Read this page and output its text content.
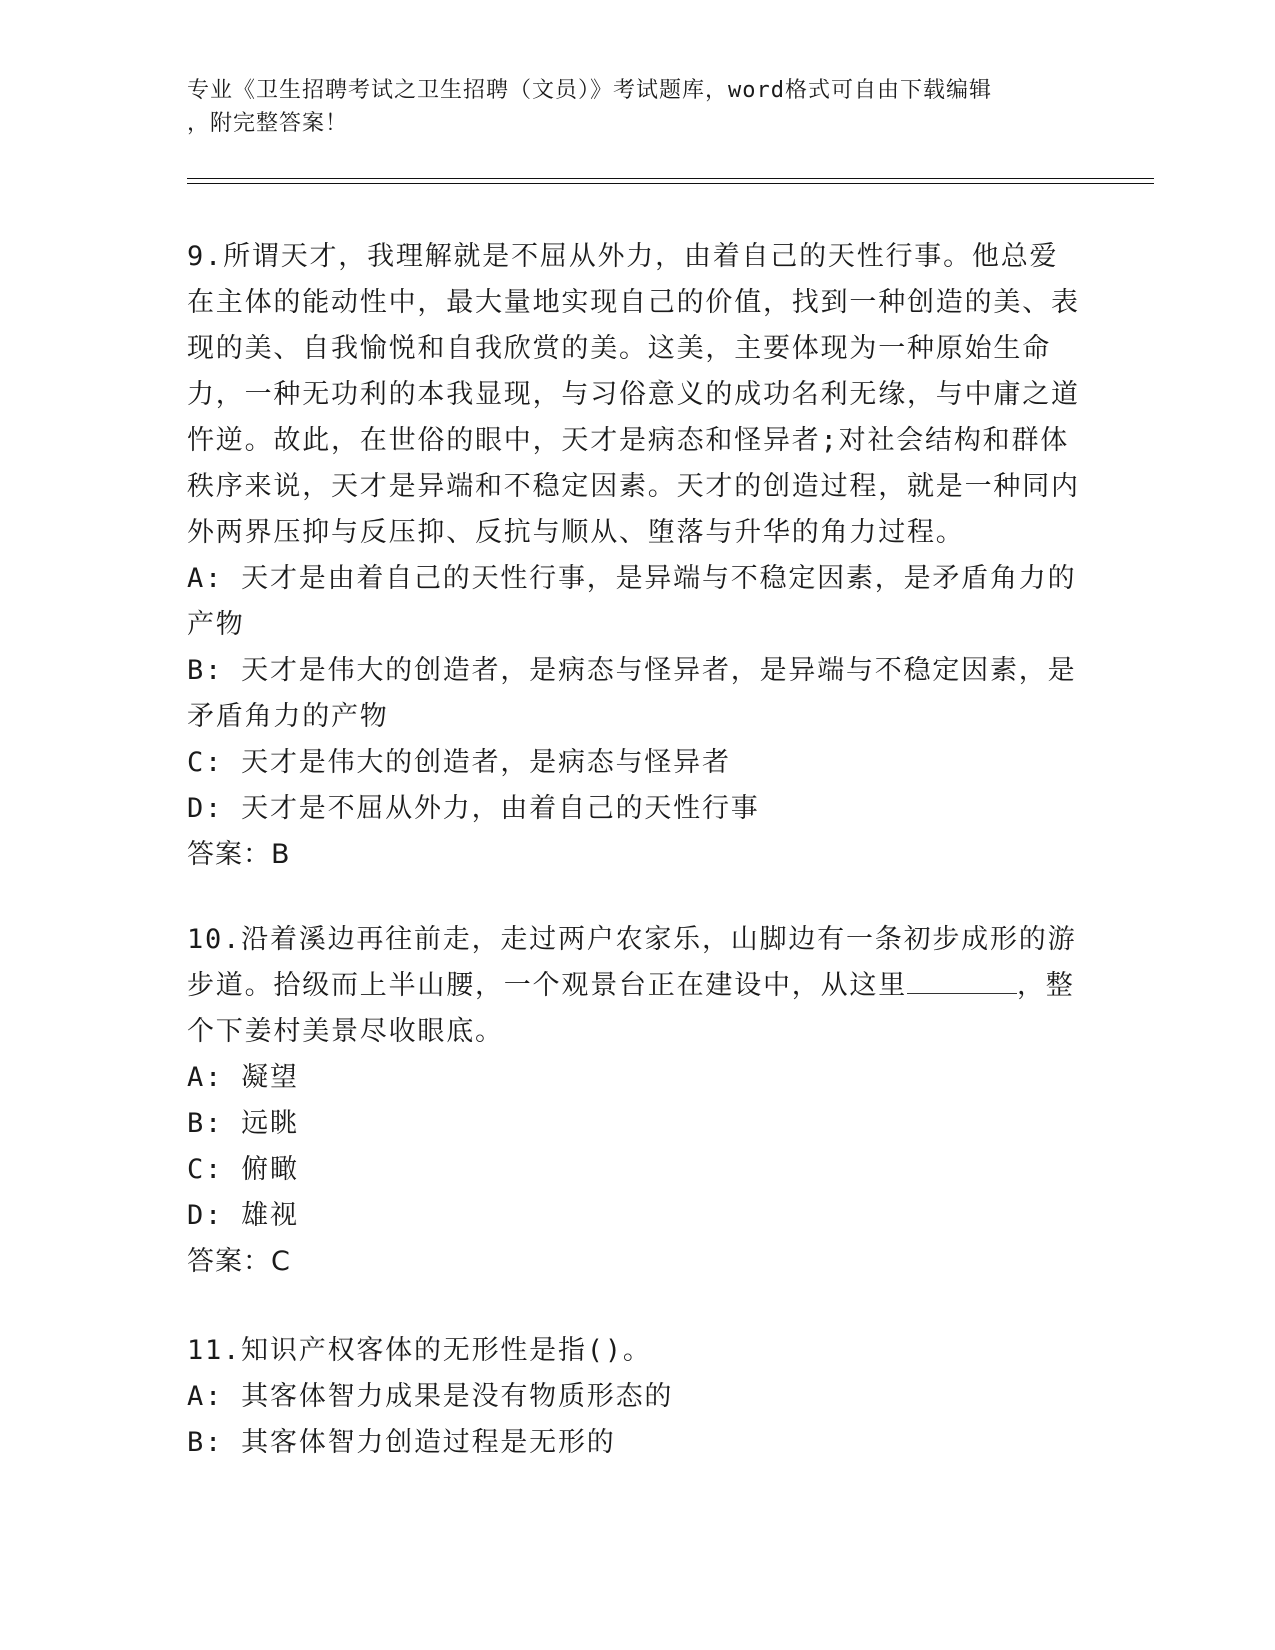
专业《卫生招聘考试之卫生招聘（文员）》考试题库，word格式可自由下载编辑
，附完整答案！
9.所谓天才，我理解就是不屈从外力，由着自己的天性行事。他总爱在主体的能动性中，最大量地实现自己的价值，找到一种创造的美、表现的美、自我愉悦和自我欣赏的美。这美，主要体现为一种原始生命力，一种无功利的本我显现，与习俗意义的成功名利无缘，与中庸之道忤逆。故此，在世俗的眼中，天才是病态和怪异者;对社会结构和群体秩序来说，天才是异端和不稳定因素。天才的创造过程，就是一种同内外两界压抑与反压抑、反抗与顺从、堕落与升华的角力过程。
A: 天才是由着自己的天性行事，是异端与不稳定因素，是矛盾角力的产物
B: 天才是伟大的创造者，是病态与怪异者，是异端与不稳定因素，是矛盾角力的产物
C: 天才是伟大的创造者，是病态与怪异者
D: 天才是不屈从外力，由着自己的天性行事
答案：B
10.沿着溪边再往前走，走过两户农家乐，山脚边有一条初步成形的游步道。拾级而上半山腰，一个观景台正在建设中，从这里	，整个下姜村美景尽收眼底。
A: 凝望
B: 远眺
C: 俯瞰
D: 雄视
答案：C
11.知识产权客体的无形性是指()。
A: 其客体智力成果是没有物质形态的
B: 其客体智力创造过程是无形的
